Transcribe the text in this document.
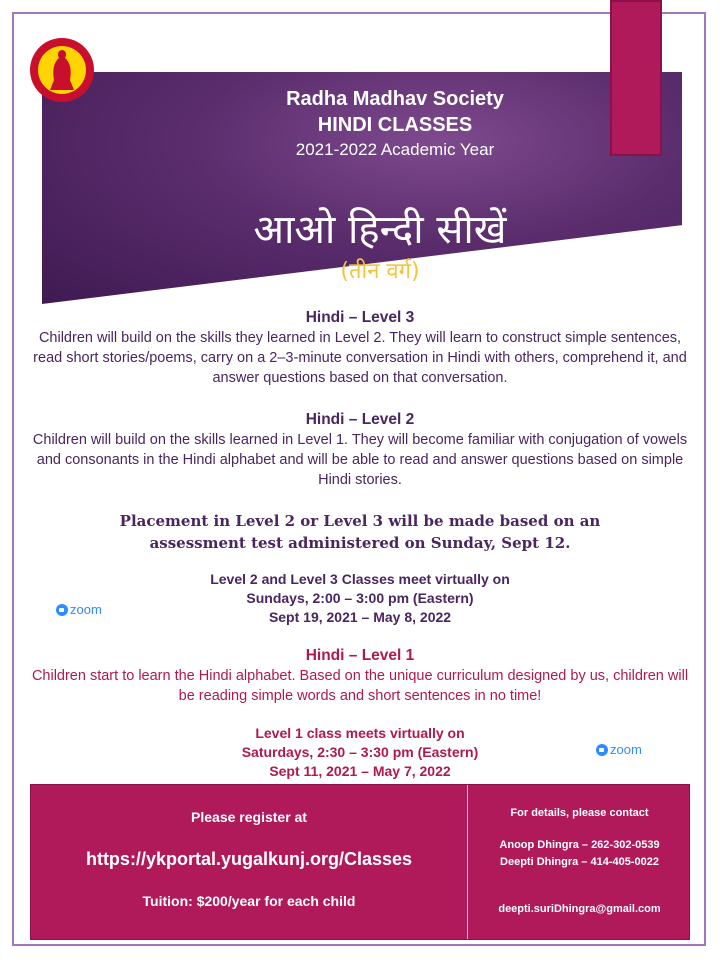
Radha Madhav Society
HINDI CLASSES
2021-2022 Academic Year
आओ हिन्दी सीखें
(तीन वर्ग)
Hindi – Level 3
Children will build on the skills they learned in Level 2. They will learn to construct simple sentences, read short stories/poems, carry on a 2–3-minute conversation in Hindi with others, comprehend it, and answer questions based on that conversation.
Hindi – Level 2
Children will build on the skills learned in Level 1. They will become familiar with conjugation of vowels and consonants in the Hindi alphabet and will be able to read and answer questions based on simple Hindi stories.
Placement in Level 2 or Level 3 will be made based on an
assessment test administered on Sunday, Sept 12.
Level 2 and Level 3 Classes meet virtually on
Sundays, 2:00 – 3:00 pm (Eastern)
Sept 19, 2021 – May 8, 2022
zoom
Hindi – Level 1
Children start to learn the Hindi alphabet. Based on the unique curriculum designed by us, children will be reading simple words and short sentences in no time!
Level 1 class meets virtually on
Saturdays, 2:30 – 3:30 pm (Eastern)
Sept 11, 2021 – May 7, 2022
zoom
Please register at
https://ykportal.yugalkunj.org/Classes
Tuition: $200/year for each child
For details, please contact
Anoop Dhingra – 262-302-0539
Deepti Dhingra – 414-405-0022
deepti.suriDhingra@gmail.com
